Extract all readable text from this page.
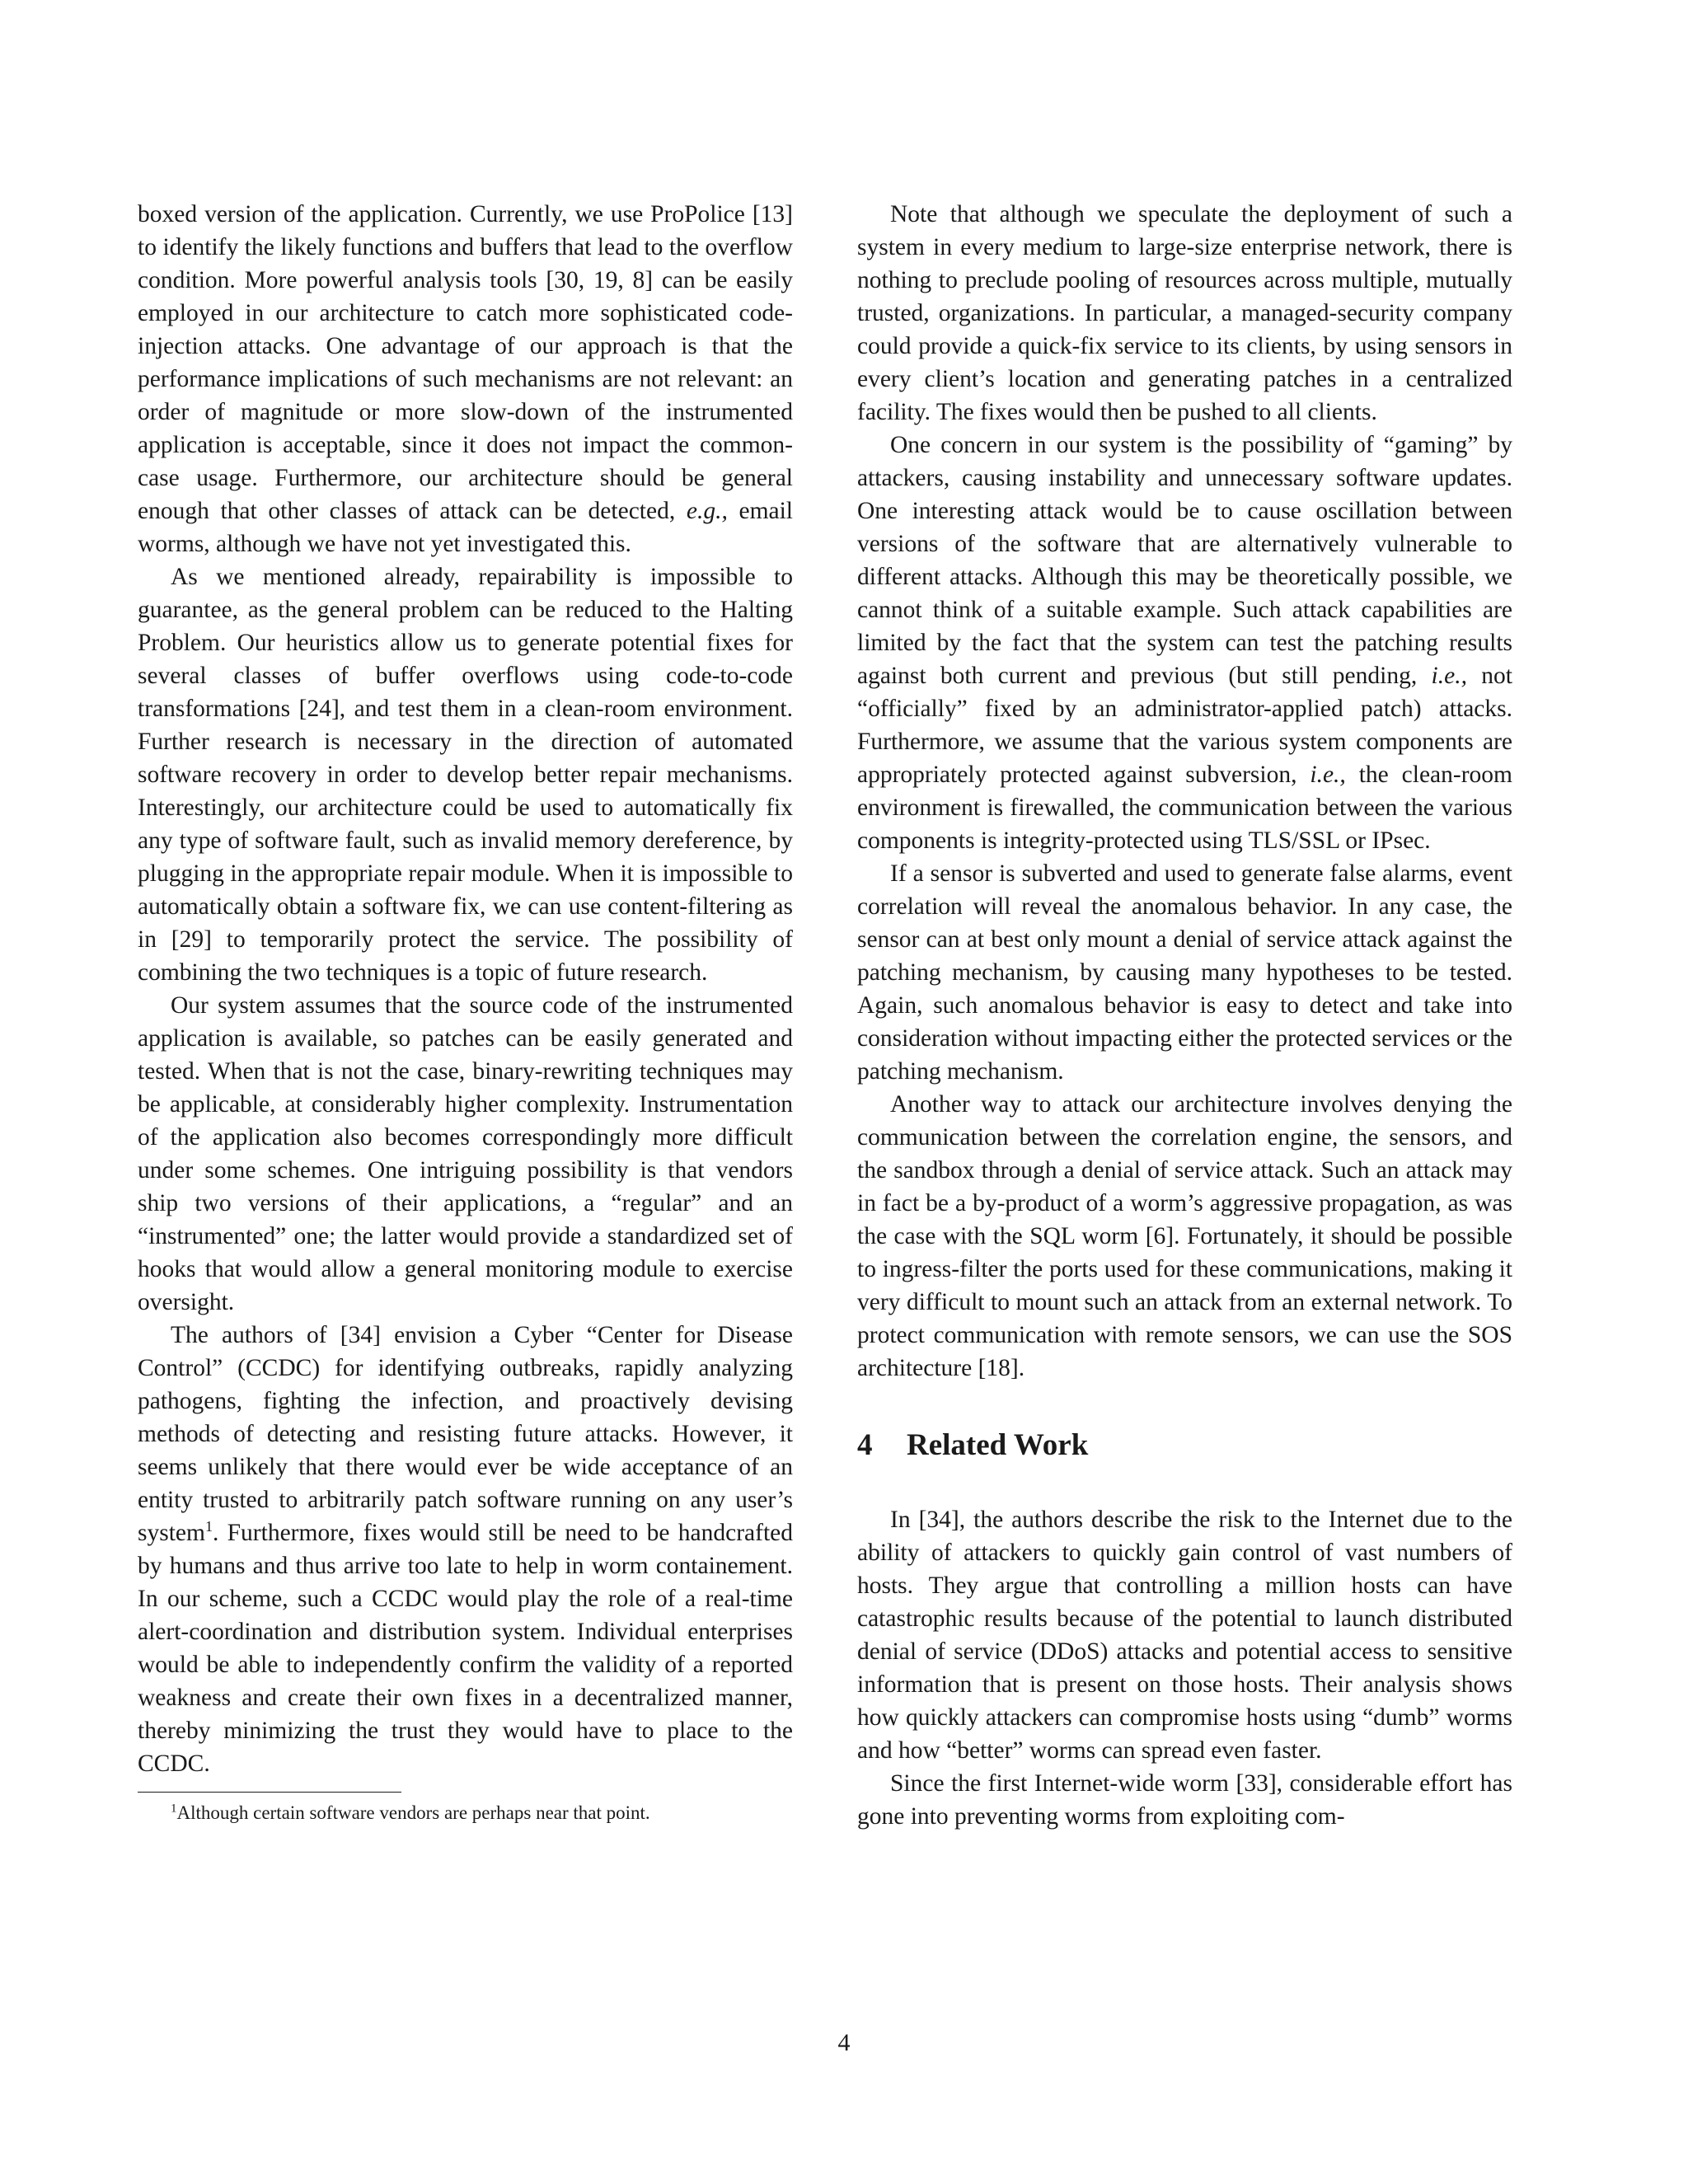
boxed version of the application. Currently, we use ProPolice [13] to identify the likely functions and buffers that lead to the overflow condition. More powerful analysis tools [30, 19, 8] can be easily employed in our architecture to catch more sophisticated code-injection attacks. One advantage of our approach is that the performance implications of such mechanisms are not relevant: an order of magnitude or more slow-down of the instrumented application is acceptable, since it does not impact the common-case usage. Furthermore, our architecture should be general enough that other classes of attack can be detected, e.g., email worms, although we have not yet investigated this.

As we mentioned already, repairability is impossible to guarantee, as the general problem can be reduced to the Halting Problem. Our heuristics allow us to generate potential fixes for several classes of buffer overflows using code-to-code transformations [24], and test them in a clean-room environment. Further research is necessary in the direction of automated software recovery in order to develop better repair mechanisms. Interestingly, our architecture could be used to automatically fix any type of software fault, such as invalid memory dereference, by plugging in the appropriate repair module. When it is impossible to automatically obtain a software fix, we can use content-filtering as in [29] to temporarily protect the service. The possibility of combining the two techniques is a topic of future research.

Our system assumes that the source code of the instrumented application is available, so patches can be easily generated and tested. When that is not the case, binary-rewriting techniques may be applicable, at considerably higher complexity. Instrumentation of the application also becomes correspondingly more difficult under some schemes. One intriguing possibility is that vendors ship two versions of their applications, a “regular” and an “instrumented” one; the latter would provide a standardized set of hooks that would allow a general monitoring module to exercise oversight.

The authors of [34] envision a Cyber “Center for Disease Control” (CCDC) for identifying outbreaks, rapidly analyzing pathogens, fighting the infection, and proactively devising methods of detecting and resisting future attacks. However, it seems unlikely that there would ever be wide acceptance of an entity trusted to arbitrarily patch software running on any user’s system$^1$. Furthermore, fixes would still be need to be handcrafted by humans and thus arrive too late to help in worm containement. In our scheme, such a CCDC would play the role of a real-time alert-coordination and distribution system. Individual enterprises would be able to independently confirm the validity of a reported weakness and create their own fixes in a decentralized manner, thereby minimizing the trust they would have to place to the CCDC.

$^1$Although certain software vendors are perhaps near that point.

Note that although we speculate the deployment of such a system in every medium to large-size enterprise network, there is nothing to preclude pooling of resources across multiple, mutually trusted, organizations. In particular, a managed-security company could provide a quick-fix service to its clients, by using sensors in every client’s location and generating patches in a centralized facility. The fixes would then be pushed to all clients.

One concern in our system is the possibility of “gaming” by attackers, causing instability and unnecessary software updates. One interesting attack would be to cause oscillation between versions of the software that are alternatively vulnerable to different attacks. Although this may be theoretically possible, we cannot think of a suitable example. Such attack capabilities are limited by the fact that the system can test the patching results against both current and previous (but still pending, i.e., not “officially” fixed by an administrator-applied patch) attacks. Furthermore, we assume that the various system components are appropriately protected against subversion, i.e., the clean-room environment is firewalled, the communication between the various components is integrity-protected using TLS/SSL or IPsec.

If a sensor is subverted and used to generate false alarms, event correlation will reveal the anomalous behavior. In any case, the sensor can at best only mount a denial of service attack against the patching mechanism, by causing many hypotheses to be tested. Again, such anomalous behavior is easy to detect and take into consideration without impacting either the protected services or the patching mechanism.

Another way to attack our architecture involves denying the communication between the correlation engine, the sensors, and the sandbox through a denial of service attack. Such an attack may in fact be a by-product of a worm’s aggressive propagation, as was the case with the SQL worm [6]. Fortunately, it should be possible to ingress-filter the ports used for these communications, making it very difficult to mount such an attack from an external network. To protect communication with remote sensors, we can use the SOS architecture [18].

4 Related Work

In [34], the authors describe the risk to the Internet due to the ability of attackers to quickly gain control of vast numbers of hosts. They argue that controlling a million hosts can have catastrophic results because of the potential to launch distributed denial of service (DDoS) attacks and potential access to sensitive information that is present on those hosts. Their analysis shows how quickly attackers can compromise hosts using “dumb” worms and how “better” worms can spread even faster.

Since the first Internet-wide worm [33], considerable effort has gone into preventing worms from exploiting com-

4
